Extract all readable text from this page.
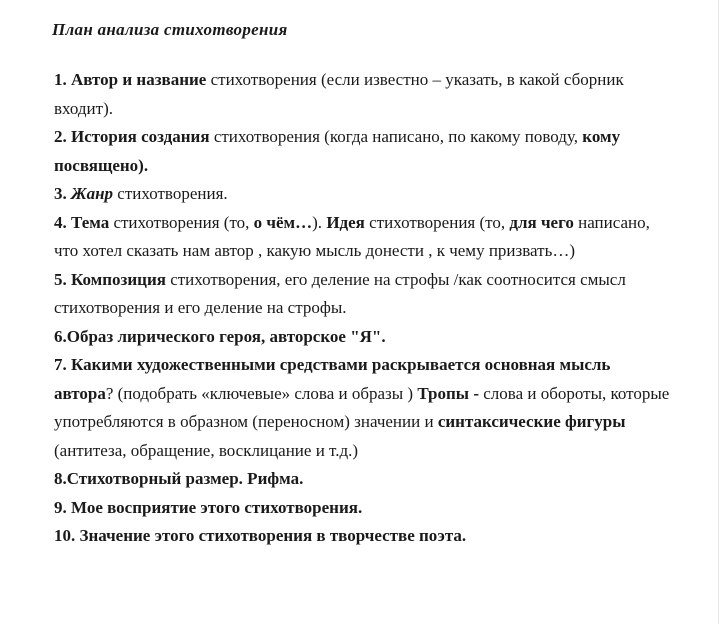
План анализа стихотворения

1. Автор и название стихотворения (если известно – указать, в какой сборник входит).

2. История создания стихотворения (когда написано, по какому поводу, кому посвящено).

3. Жанр стихотворения.

4. Тема стихотворения (то, о чём…). Идея стихотворения (то, для чего написано, что хотел сказать нам автор , какую мысль донести , к чему призвать…)

5. Композиция стихотворения, его деление на строфы /как соотносится смысл стихотворения и его деление на строфы.

6.Образ лирического героя, авторское "Я".

7. Какими художественными средствами раскрывается основная мысль автора? (подобрать «ключевые» слова и образы ) Тропы - слова и обороты, которые употребляются в образном (переносном) значении и синтаксические фигуры (антитеза, обращение, восклицание и т.д.)

8.Стихотворный размер. Рифма.

9. Мое восприятие этого стихотворения.

10. Значение этого стихотворения в творчестве поэта.
